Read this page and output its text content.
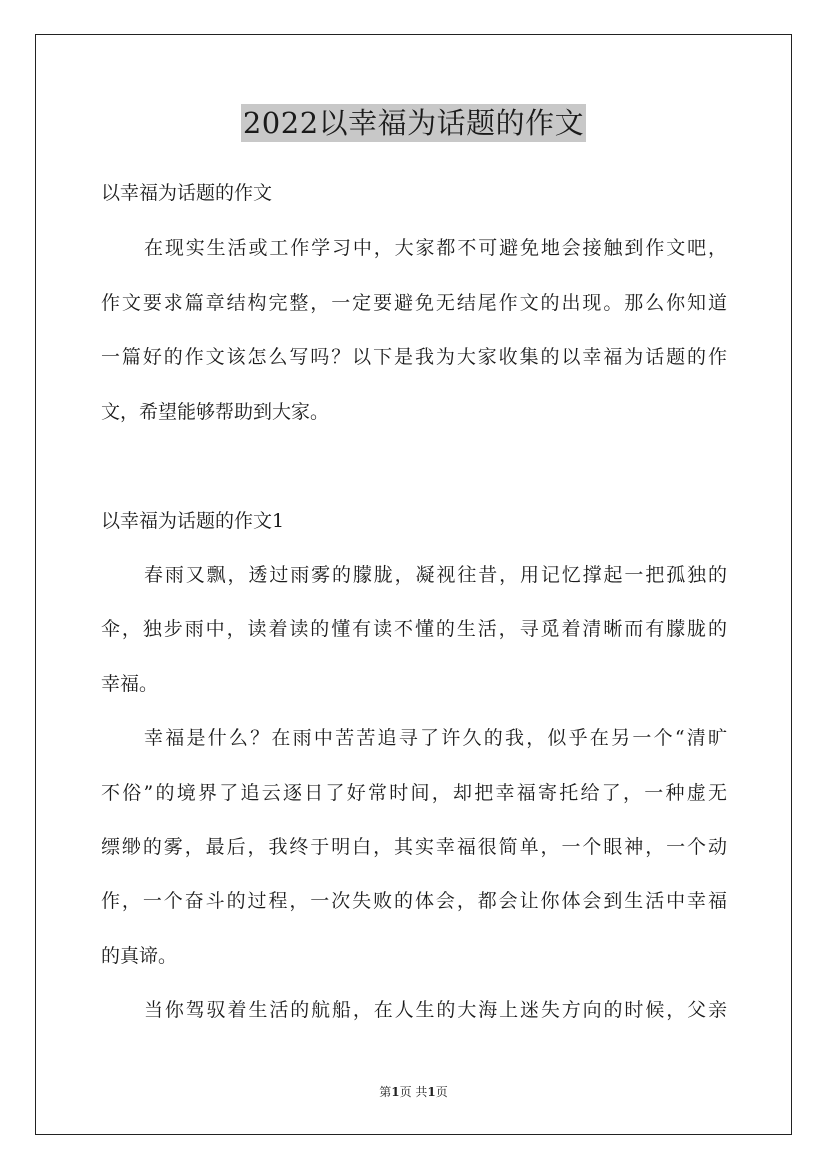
2022以幸福为话题的作文
以幸福为话题的作文
在现实生活或工作学习中，大家都不可避免地会接触到作文吧，
作文要求篇章结构完整，一定要避免无结尾作文的出现。那么你知道
一篇好的作文该怎么写吗？以下是我为大家收集的以幸福为话题的作
文，希望能够帮助到大家。
以幸福为话题的作文1
春雨又飘，透过雨雾的朦胧，凝视往昔，用记忆撑起一把孤独的
伞，独步雨中，读着读的懂有读不懂的生活，寻觅着清晰而有朦胧的
幸福。
幸福是什么？在雨中苦苦追寻了许久的我，似乎在另一个“清旷
不俗”的境界了追云逐日了好常时间，却把幸福寄托给了，一种虚无
缥缈的雾，最后，我终于明白，其实幸福很简单，一个眼神，一个动
作，一个奋斗的过程，一次失败的体会，都会让你体会到生活中幸福
的真谛。
当你驾驭着生活的航船，在人生的大海上迷失方向的时候，父亲
第1页 共1页
